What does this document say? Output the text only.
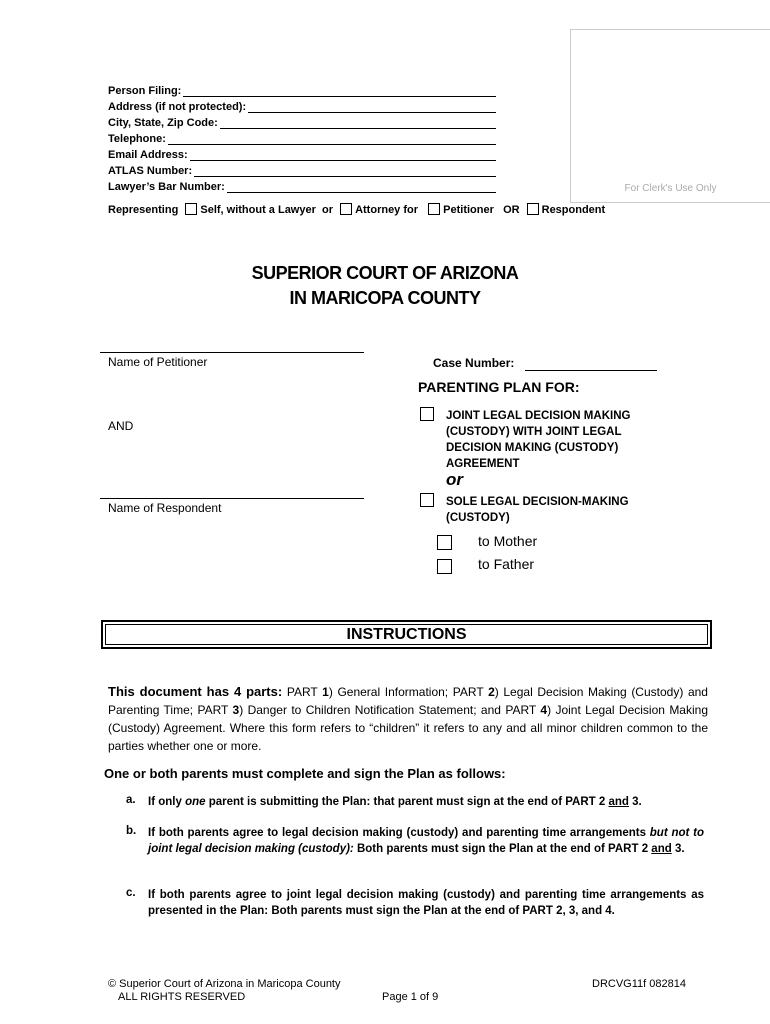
Person Filing:
Address (if not protected):
City, State, Zip Code:
Telephone:
Email Address:
ATLAS Number:
Lawyer’s Bar Number:	For Clerk's Use Only
Representing Self, without a Lawyer or Attorney for Petitioner OR Respondent
SUPERIOR COURT OF ARIZONA
IN MARICOPA COUNTY
Name of Petitioner
AND
Name of Respondent
Case Number:
PARENTING PLAN FOR:
JOINT LEGAL DECISION MAKING
(CUSTODY) WITH JOINT LEGAL
DECISION MAKING (CUSTODY)
AGREEMENT
or
SOLE LEGAL DECISION-MAKING
(CUSTODY)
to Mother
to Father
INSTRUCTIONS
This document has 4 parts: PART 1) General Information; PART 2) Legal Decision Making (Custody) and Parenting Time; PART 3) Danger to Children Notification Statement; and PART 4) Joint Legal Decision Making (Custody) Agreement. Where this form refers to “children” it refers to any and all minor children common to the parties whether one or more.
One or both parents must complete and sign the Plan as follows:
a. If only one parent is submitting the Plan: that parent must sign at the end of PART 2 and 3.
b. If both parents agree to legal decision making (custody) and parenting time arrangements but not to joint legal decision making (custody): Both parents must sign the Plan at the end of PART 2 and 3.
c. If both parents agree to joint legal decision making (custody) and parenting time arrangements as presented in the Plan: Both parents must sign the Plan at the end of PART 2, 3, and 4.
© Superior Court of Arizona in Maricopa County
ALL RIGHTS RESERVED	Page 1 of 9
DRCVG11f 082814
